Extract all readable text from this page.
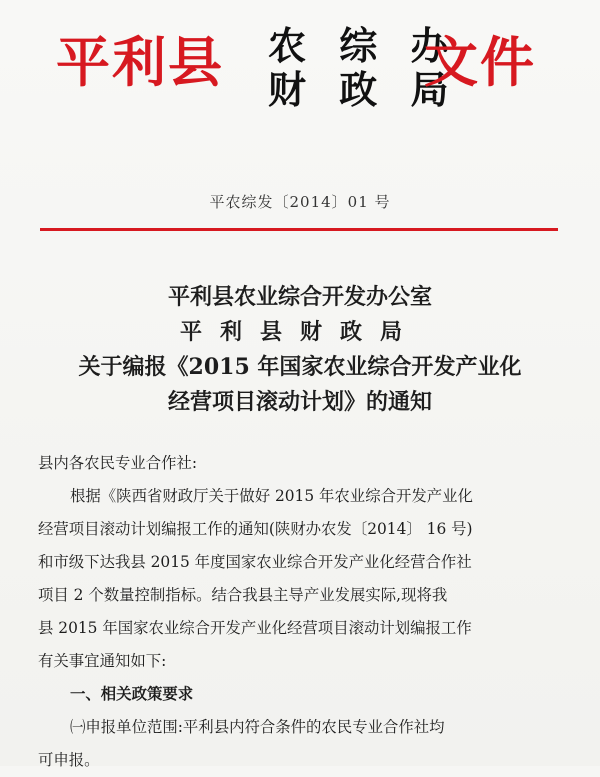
平利县 农 综 办
财 政 局
文件
平农综发〔2014〕01 号
平利县农业综合开发办公室
平利县财政局
关于编报《2015 年国家农业综合开发产业化
经营项目滚动计划》的通知
县内各农民专业合作社:
根据《陕西省财政厅关于做好 2015 年农业综合开发产业化
经营项目滚动计划编报工作的通知(陕财办农发〔2014〕 16 号)
和市级下达我县 2015 年度国家农业综合开发产业化经营合作社
项目 2 个数量控制指标。结合我县主导产业发展实际,现将我
县 2015 年国家农业综合开发产业化经营项目滚动计划编报工作
有关事宜通知如下:
一、相关政策要求
㈠申报单位范围:平利县内符合条件的农民专业合作社均
可申报。
